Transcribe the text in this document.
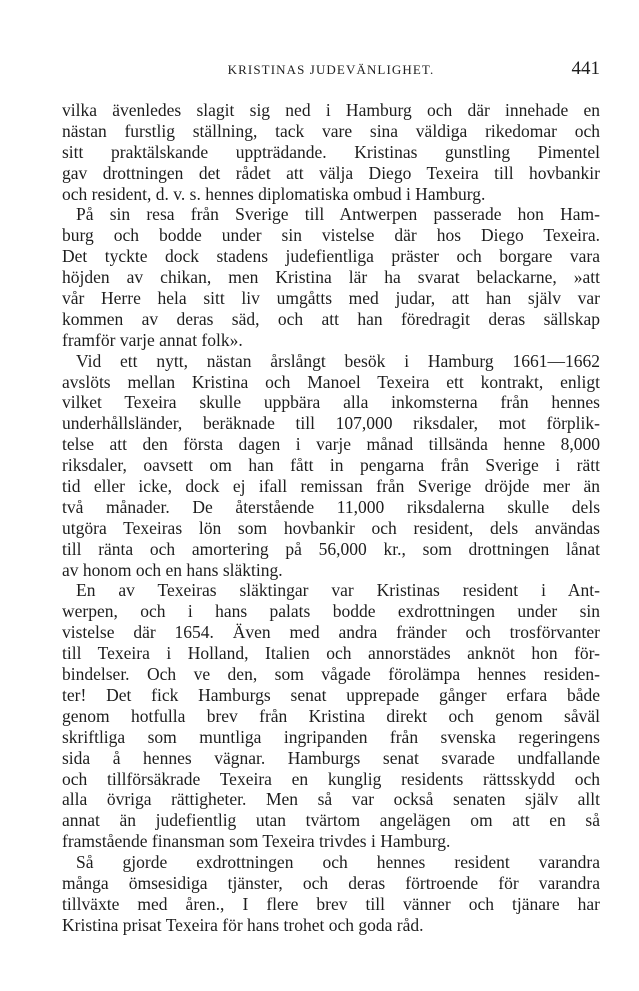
KRISTINAS JUDEVÄNLIGHET.	441
vilka ävenledes slagit sig ned i Hamburg och där innehade en
nästan furstlig ställning, tack vare sina väldiga rikedomar och
sitt praktälskande uppträdande. Kristinas gunstling Pimentel
gav drottningen det rådet att välja Diego Texeira till hovbankir
och resident, d. v. s. hennes diplomatiska ombud i Hamburg.
På sin resa från Sverige till Antwerpen passerade hon Ham-
burg och bodde under sin vistelse där hos Diego Texeira.
Det tyckte dock stadens judefientliga präster och borgare vara
höjden av chikan, men Kristina lär ha svarat belackarne, »att
vår Herre hela sitt liv umgåtts med judar, att han själv var
kommen av deras säd, och att han föredragit deras sällskap
framför varje annat folk».
Vid ett nytt, nästan årslångt besök i Hamburg 1661—1662
avslöts mellan Kristina och Manoel Texeira ett kontrakt, enligt
vilket Texeira skulle uppbära alla inkomsterna från hennes
underhållsländer, beräknade till 107,000 riksdaler, mot förplik-
telse att den första dagen i varje månad tillsända henne 8,000
riksdaler, oavsett om han fått in pengarna från Sverige i rätt
tid eller icke, dock ej ifall remissan från Sverige dröjde mer än
två månader. De återstående 11,000 riksdalerna skulle dels
utgöra Texeiras lön som hovbankir och resident, dels användas
till ränta och amortering på 56,000 kr., som drottningen lånat
av honom och en hans släkting.
En av Texeiras släktingar var Kristinas resident i Ant-
werpen, och i hans palats bodde exdrottningen under sin
vistelse där 1654. Även med andra fränder och trosförvanter
till Texeira i Holland, Italien och annorstädes anknöt hon för-
bindelser. Och ve den, som vågade förolämpa hennes residen-
ter! Det fick Hamburgs senat upprepade gånger erfara både
genom hotfulla brev från Kristina direkt och genom såväl
skriftliga som muntliga ingripanden från svenska regeringens
sida å hennes vägnar. Hamburgs senat svarade undfallande
och tillförsäkrade Texeira en kunglig residents rättsskydd och
alla övriga rättigheter. Men så var också senaten själv allt
annat än judefientlig utan tvärtom angelägen om att en så
framstående finansman som Texeira trivdes i Hamburg.
Så gjorde exdrottningen och hennes resident varandra
många ömsesidiga tjänster, och deras förtroende för varandra
tillväxte med åren., I flere brev till vänner och tjänare har
Kristina prisat Texeira för hans trohet och goda råd.
